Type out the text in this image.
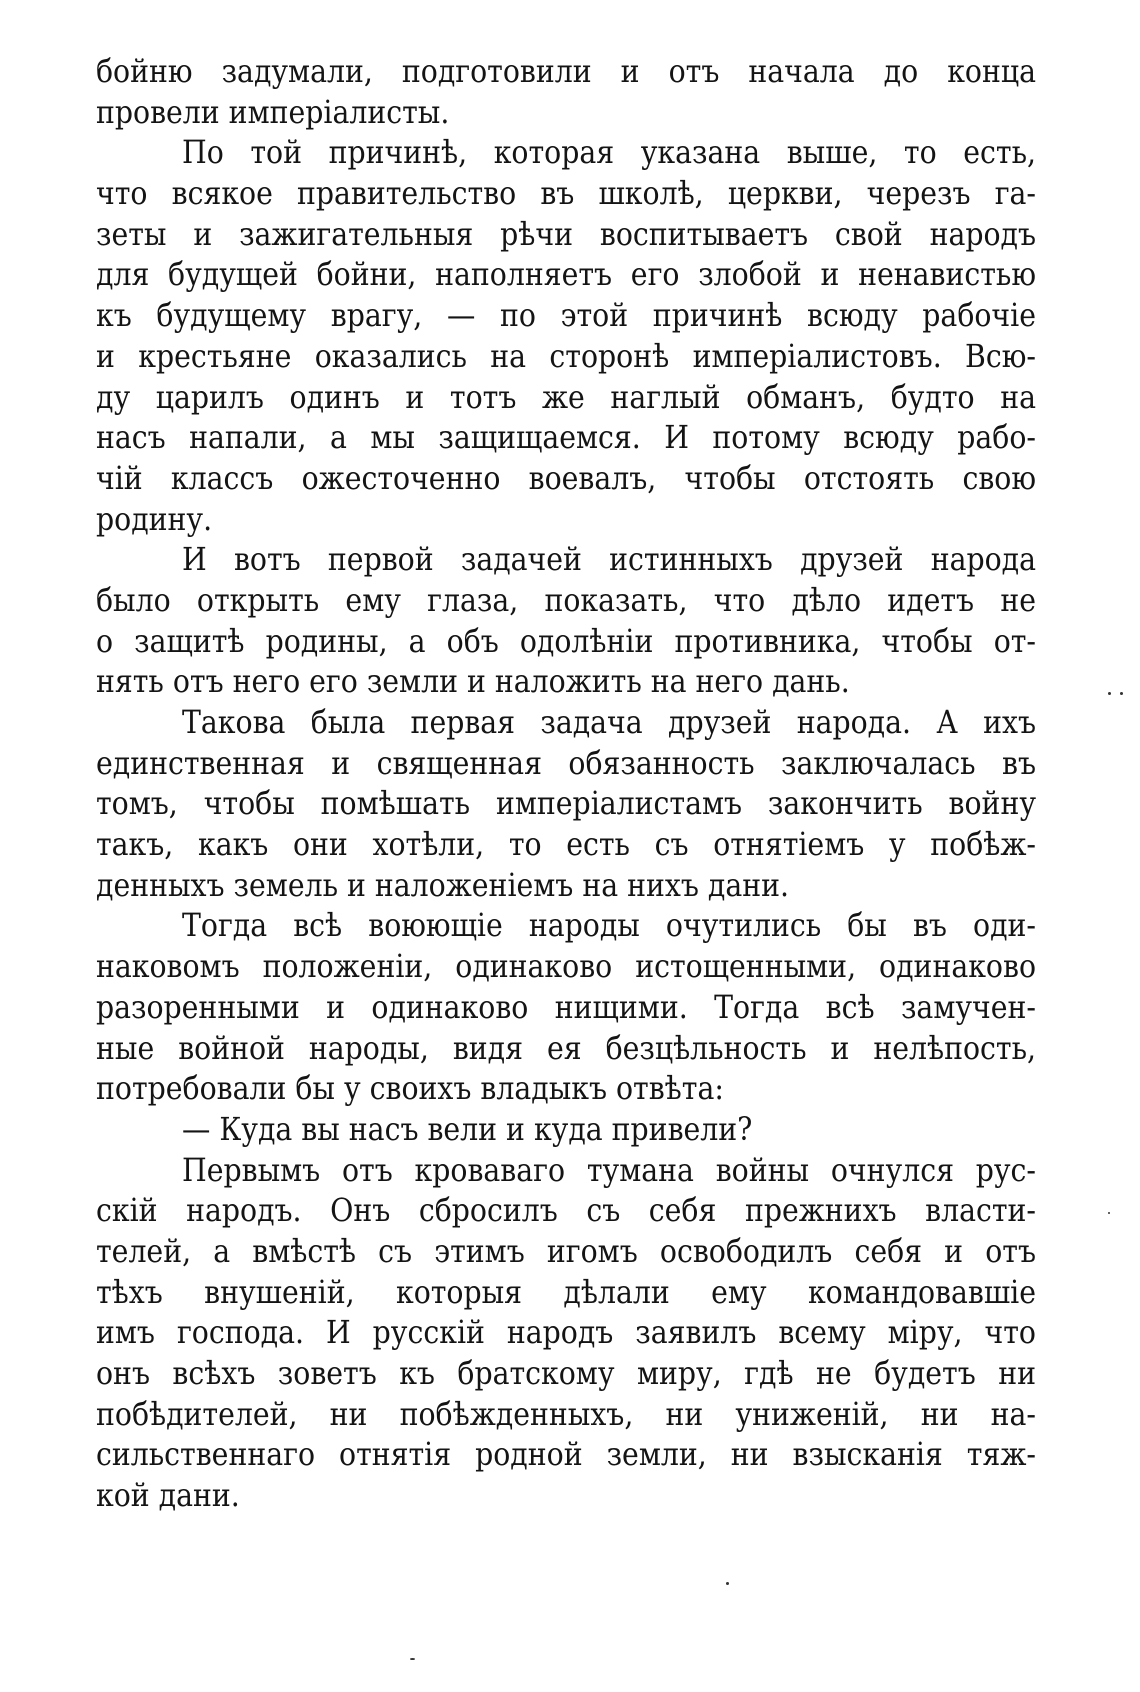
бойню задумали, подготовили и отъ начала до конца
провели имперіалисты.
По той причинѣ, которая указана выше, то есть,
что всякое правительство въ школѣ, церкви, черезъ га-
зеты и зажигательныя рѣчи воспитываетъ свой народъ
для будущей бойни, наполняетъ его злобой и ненавистью
къ будущему врагу, — по этой причинѣ всюду рабочіе
и крестьяне оказались на сторонѣ имперіалистовъ. Всю-
ду царилъ одинъ и тотъ же наглый обманъ, будто на
насъ напали, а мы защищаемся. И потому всюду рабо-
чій классъ ожесточенно воевалъ, чтобы отстоять свою
родину.
И вотъ первой задачей истинныхъ друзей народа
было открыть ему глаза, показать, что дѣло идетъ не
о защитѣ родины, а объ одолѣніи противника, чтобы от-
нять отъ него его земли и наложить на него дань.
Такова была первая задача друзей народа. А ихъ
единственная и священная обязанность заключалась въ
томъ, чтобы помѣшать имперіалистамъ закончить войну
такъ, какъ они хотѣли, то есть съ отнятіемъ у побѣж-
денныхъ земель и наложеніемъ на нихъ дани.
Тогда всѣ воюющіе народы очутились бы въ оди-
наковомъ положеніи, одинаково истощенными, одинаково
разоренными и одинаково нищими. Тогда всѣ замучен-
ные войной народы, видя ея безцѣльность и нелѣпость,
потребовали бы у своихъ владыкъ отвѣта:
— Куда вы насъ вели и куда привели?
Первымъ отъ кроваваго тумана войны очнулся рус-
скій народъ. Онъ сбросилъ съ себя прежнихъ власти-
телей, а вмѣстѣ съ этимъ игомъ освободилъ себя и отъ
тѣхъ внушеній, которыя дѣлали ему командовавшіе
имъ господа. И русскій народъ заявилъ всему міру, что
онъ всѣхъ зоветъ къ братскому миру, гдѣ не будетъ ни
побѣдителей, ни побѣжденныхъ, ни униженій, ни на-
сильственнаго отнятія родной земли, ни взысканія тяж-
кой дани.
